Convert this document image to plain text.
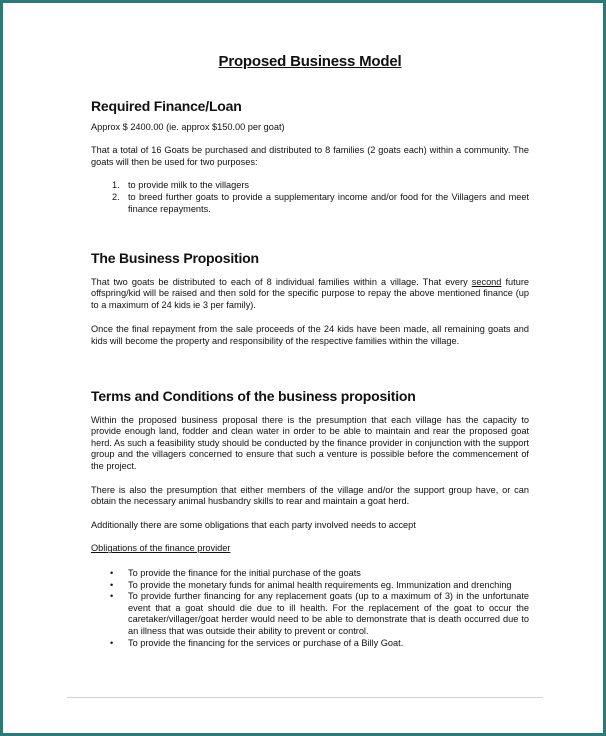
Proposed Business Model
Required Finance/Loan

Approx $ 2400.00 (ie. approx $150.00 per goat)

That a total of 16 Goats be purchased and distributed to 8 families (2 goats each) within a community. The goats will then be used for two purposes:

1. to provide milk to the villagers
2. to breed further goats to provide a supplementary income and/or food for the Villagers and meet finance repayments.
The Business Proposition

That two goats be distributed to each of 8 individual families within a village. That every second future offspring/kid will be raised and then sold for the specific purpose to repay the above mentioned finance (up to a maximum of 24 kids ie 3 per family).

Once the final repayment from the sale proceeds of the 24 kids have been made, all remaining goats and kids will become the property and responsibility of the respective families within the village.

Terms and Conditions of the business proposition

Within the proposed business proposal there is the presumption that each village has the capacity to provide enough land, fodder and clean water in order to be able to maintain and rear the proposed goat herd. As such a feasibility study should be conducted by the finance provider in conjunction with the support group and the villagers concerned to ensure that such a venture is possible before the commencement of the project.

There is also the presumption that either members of the village and/or the support group have, or can obtain the necessary animal husbandry skills to rear and maintain a goat herd.

Additionally there are some obligations that each party involved needs to accept

Obligations of the finance provider

• To provide the finance for the initial purchase of the goats
• To provide the monetary funds for animal health requirements eg. Immunization and drenching
• To provide further financing for any replacement goats (up to a maximum of 3) in the unfortunate event that a goat should die due to ill health. For the replacement of the goat to occur the caretaker/villager/goat herder would need to be able to demonstrate that is death occurred due to an illness that was outside their ability to prevent or control.
• To provide the financing for the services or purchase of a Billy Goat.
